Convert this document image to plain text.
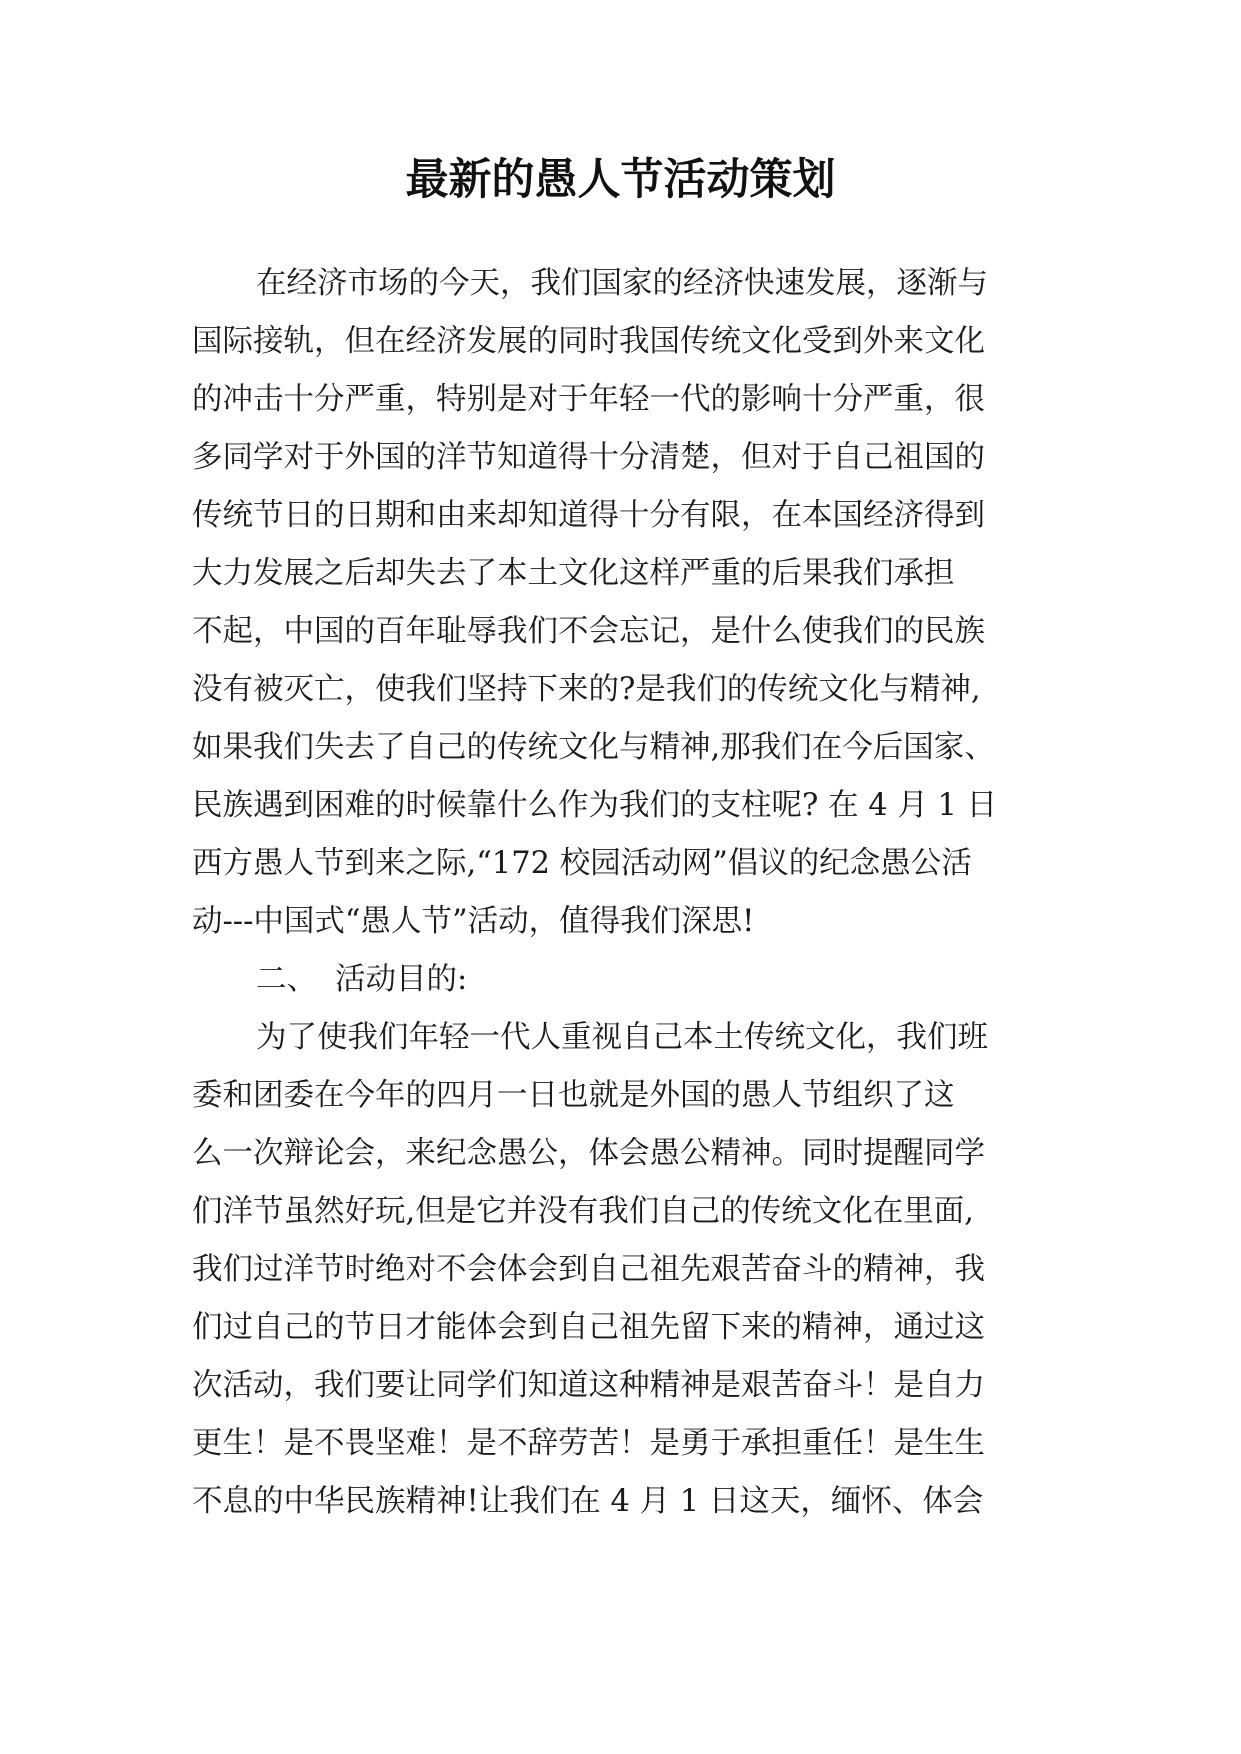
最新的愚人节活动策划
在经济市场的今天，我们国家的经济快速发展，逐渐与
国际接轨，但在经济发展的同时我国传统文化受到外来文化
的冲击十分严重，特别是对于年轻一代的影响十分严重，很
多同学对于外国的洋节知道得十分清楚，但对于自己祖国的
传统节日的日期和由来却知道得十分有限，在本国经济得到
大力发展之后却失去了本土文化这样严重的后果我们承担
不起，中国的百年耻辱我们不会忘记，是什么使我们的民族
没有被灭亡，使我们坚持下来的?是我们的传统文化与精神,
如果我们失去了自己的传统文化与精神,那我们在今后国家、
民族遇到困难的时候靠什么作为我们的支柱呢? 在 4 月 1 日
西方愚人节到来之际,“172 校园活动网”倡议的纪念愚公活
动---中国式“愚人节”活动，值得我们深思!
二、 活动目的:
为了使我们年轻一代人重视自己本土传统文化，我们班
委和团委在今年的四月一日也就是外国的愚人节组织了这
么一次辩论会，来纪念愚公，体会愚公精神。同时提醒同学
们洋节虽然好玩,但是它并没有我们自己的传统文化在里面,
我们过洋节时绝对不会体会到自己祖先艰苦奋斗的精神，我
们过自己的节日才能体会到自己祖先留下来的精神，通过这
次活动，我们要让同学们知道这种精神是艰苦奋斗！是自力
更生！是不畏坚难！是不辞劳苦！是勇于承担重任！是生生
不息的中华民族精神!让我们在 4 月 1 日这天，缅怀、体会
